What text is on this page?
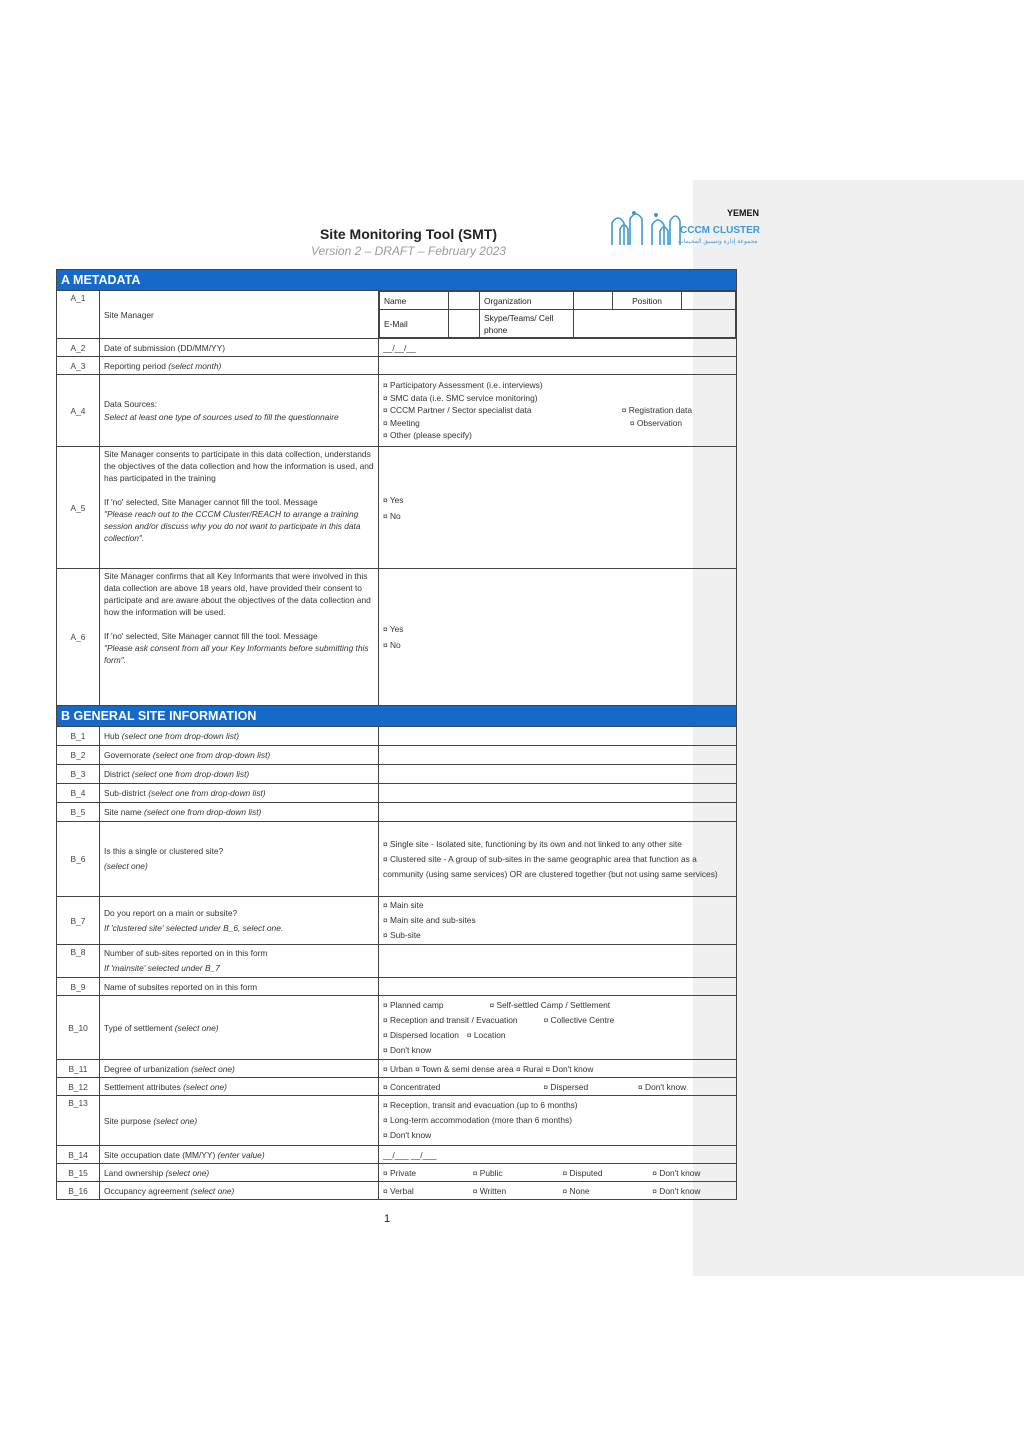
Site Monitoring Tool (SMT)
Version 2 – DRAFT – February 2023
YEMEN
CCCM CLUSTER
مجموعة إدارة وتنسيق المخيمات
A METADATA
A_1	Site Manager	
Name		Organization		Position	
E-Mail		Skype/Teams/ Cell phone	

A_2	Date of submission (DD/MM/YY)	__/__/__
A_3	Reporting period (select month)	
A_4	
Data Sources:
Select at least one type of sources used to fill the questionnaire

¤ Participatory Assessment (i.e. interviews)
¤ SMC data (i.e. SMC service monitoring)
¤ CCCM Partner / Sector specialist data	¤ Registration data
¤ Meeting	¤ Observation
¤ Other (please specify)

A_5	
Site Manager consents to participate in this data collection, understands the objectives of the data collection and how the information is used, and has participated in the training
If 'no' selected, Site Manager cannot fill the tool. Message
"Please reach out to the CCCM Cluster/REACH to arrange a training session and/or discuss why you do not want to participate in this data collection".

¤ Yes
¤ No

A_6	
Site Manager confirms that all Key Informants that were involved in this data collection are above 18 years old, have provided their consent to participate and are aware about the objectives of the data collection and how the information will be used.
If 'no' selected, Site Manager cannot fill the tool. Message
"Please ask consent from all your Key Informants before submitting this form".

¤ Yes
¤ No

B GENERAL SITE INFORMATION
B_1	Hub (select one from drop-down list)	
B_2	Governorate (select one from drop-down list)	
B_3	District (select one from drop-down list)	
B_4	Sub-district (select one from drop-down list)	
B_5	Site name (select one from drop-down list)	
B_6	
Is this a single or clustered site?
(select one)

¤ Single site - Isolated site, functioning by its own and not linked to any other site
¤ Clustered site - A group of sub-sites in the same geographic area that function as a community (using same services) OR are clustered together (but not using same services)

B_7	
Do you report on a main or subsite?
If 'clustered site' selected under B_6, select one.

¤ Main site
¤ Main site and sub-sites
¤ Sub-site

B_8	Number of sub-sites reported on in this form
If 'mainsite' selected under B_7

B_9	Name of subsites reported on in this form	
B_10	Type of settlement (select one)	
¤ Planned camp	¤ Self-settled Camp / Settlement
¤ Reception and transit / Evacuation	¤ Collective Centre
¤ Dispersed location ¤ Location
¤ Don't know

B_11	Degree of urbanization (select one)	¤ Urban ¤ Town & semi dense area ¤ Rural ¤ Don't know
B_12	Settlement attributes (select one)	¤ Concentrated	¤ Dispersed	¤ Don't know

B_13	Site purpose (select one)	
¤ Reception, transit and evacuation (up to 6 months)
¤ Long-term accommodation (more than 6 months)
¤ Don't know

B_14	Site occupation date (MM/YY) (enter value)	__/___ __/___
B_15	Land ownership (select one)	¤ Private	¤ Public	¤ Disputed	¤ Don't know

B_16	Occupancy agreement (select one)	¤ Verbal	¤ Written	¤ None	¤ Don't know
1
